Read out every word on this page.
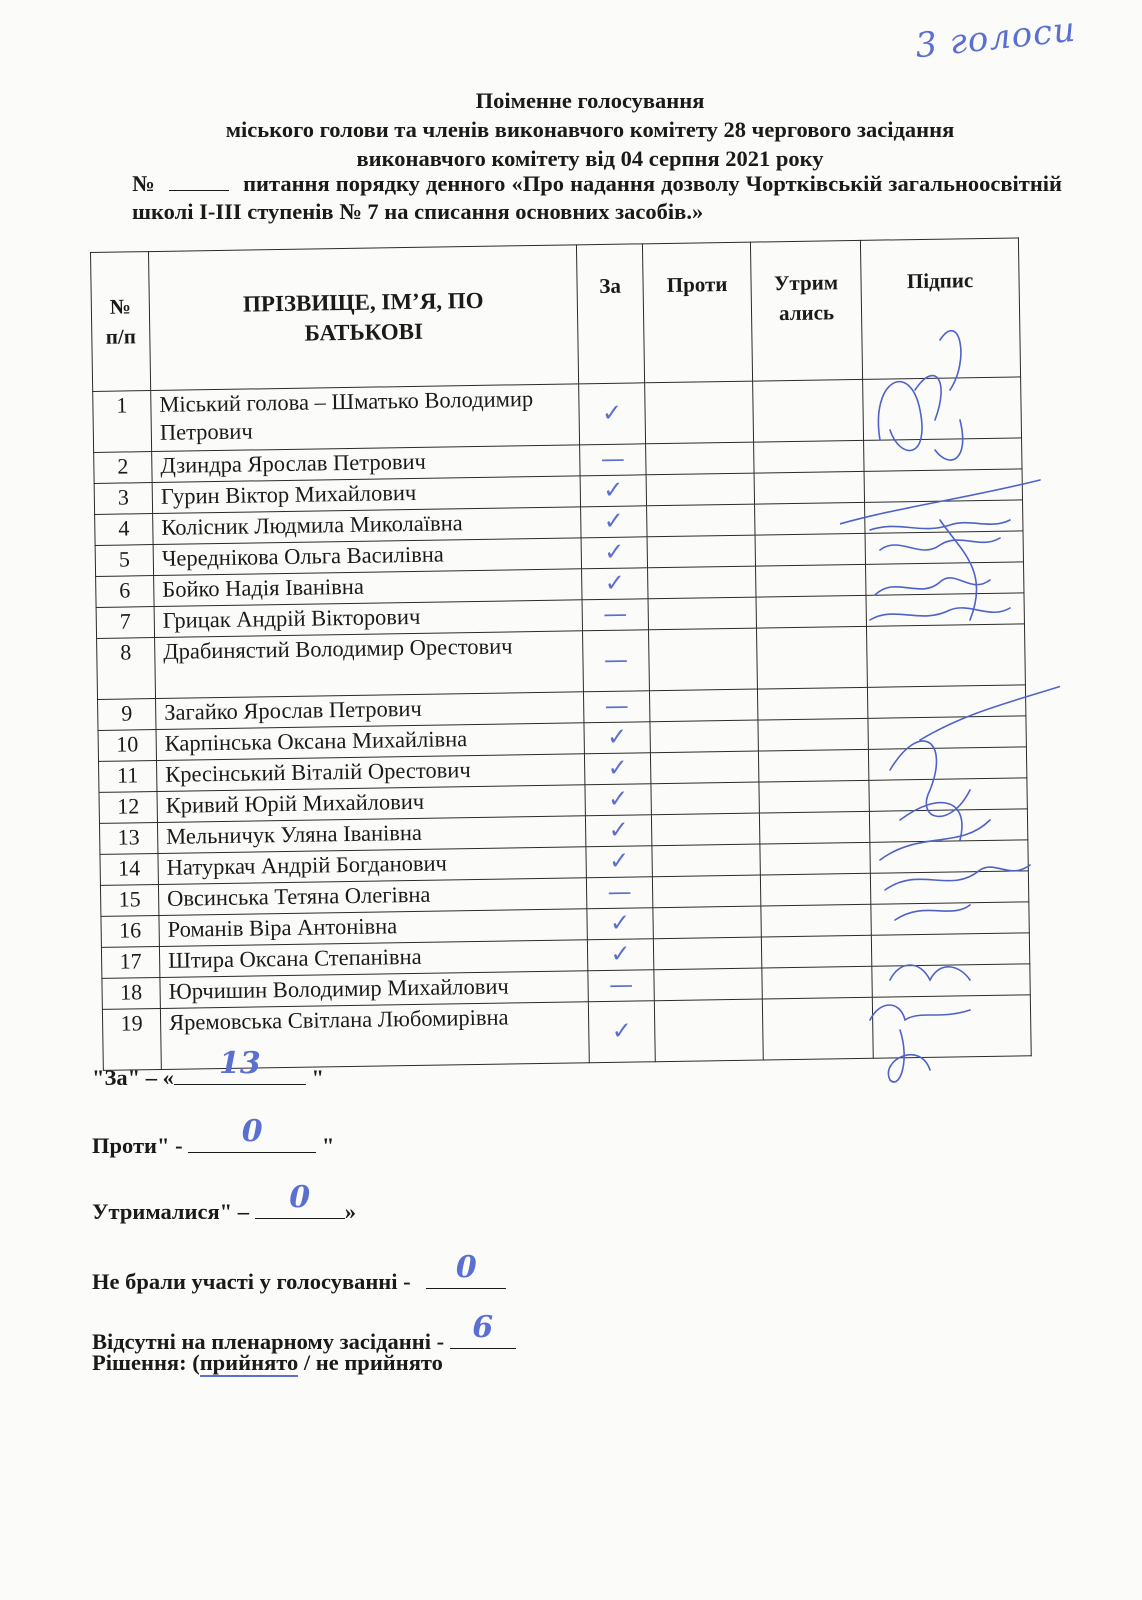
3 голоси
Поіменне голосування
міського голови та членів виконавчого комітету 28 чергового засідання
виконавчого комітету від 04 серпня 2021 року
№	питання порядку денного «Про надання дозволу Чортківській загальноосвітній школі І-ІІІ ступенів № 7 на списання основних засобів.»
№ п/п	ПРІЗВИЩЕ, ІМ’Я, ПО БАТЬКОВІ	За	Проти	Утрим ались	Підпис
1	Міський голова – Шматько Володимир Петрович	✓			
2	Дзиндра Ярослав Петрович	—			
3	Гурин Віктор Михайлович	✓			
4	Колісник Людмила Миколаївна	✓			
5	Череднікова Ольга Василівна	✓			
6	Бойко Надія Іванівна	✓			
7	Грицак Андрій Вікторович	—			
8	Драбинястий Володимир Орестович	—			
9	Загайко Ярослав Петрович	—			
10	Карпінська Оксана Михайлівна	✓			
11	Кресінський Віталій Орестович	✓			
12	Кривий Юрій Михайлович	✓			
13	Мельничук Уляна Іванівна	✓			
14	Натуркач Андрій Богданович	✓			
15	Овсинська Тетяна Олегівна	—			
16	Романів Віра Антонівна	✓			
17	Штира Оксана Степанівна	✓			
18	Юрчишин Володимир Михайлович	—			
19	Яремовська Світлана Любомирівна	✓			
"За" – «	13	"
Проти" -	0	"
Утрималися" –	0	»
Не брали участі у голосуванні -	0
Відсутні на пленарному засіданні - 6
Рішення: (прийнято / не прийнято
